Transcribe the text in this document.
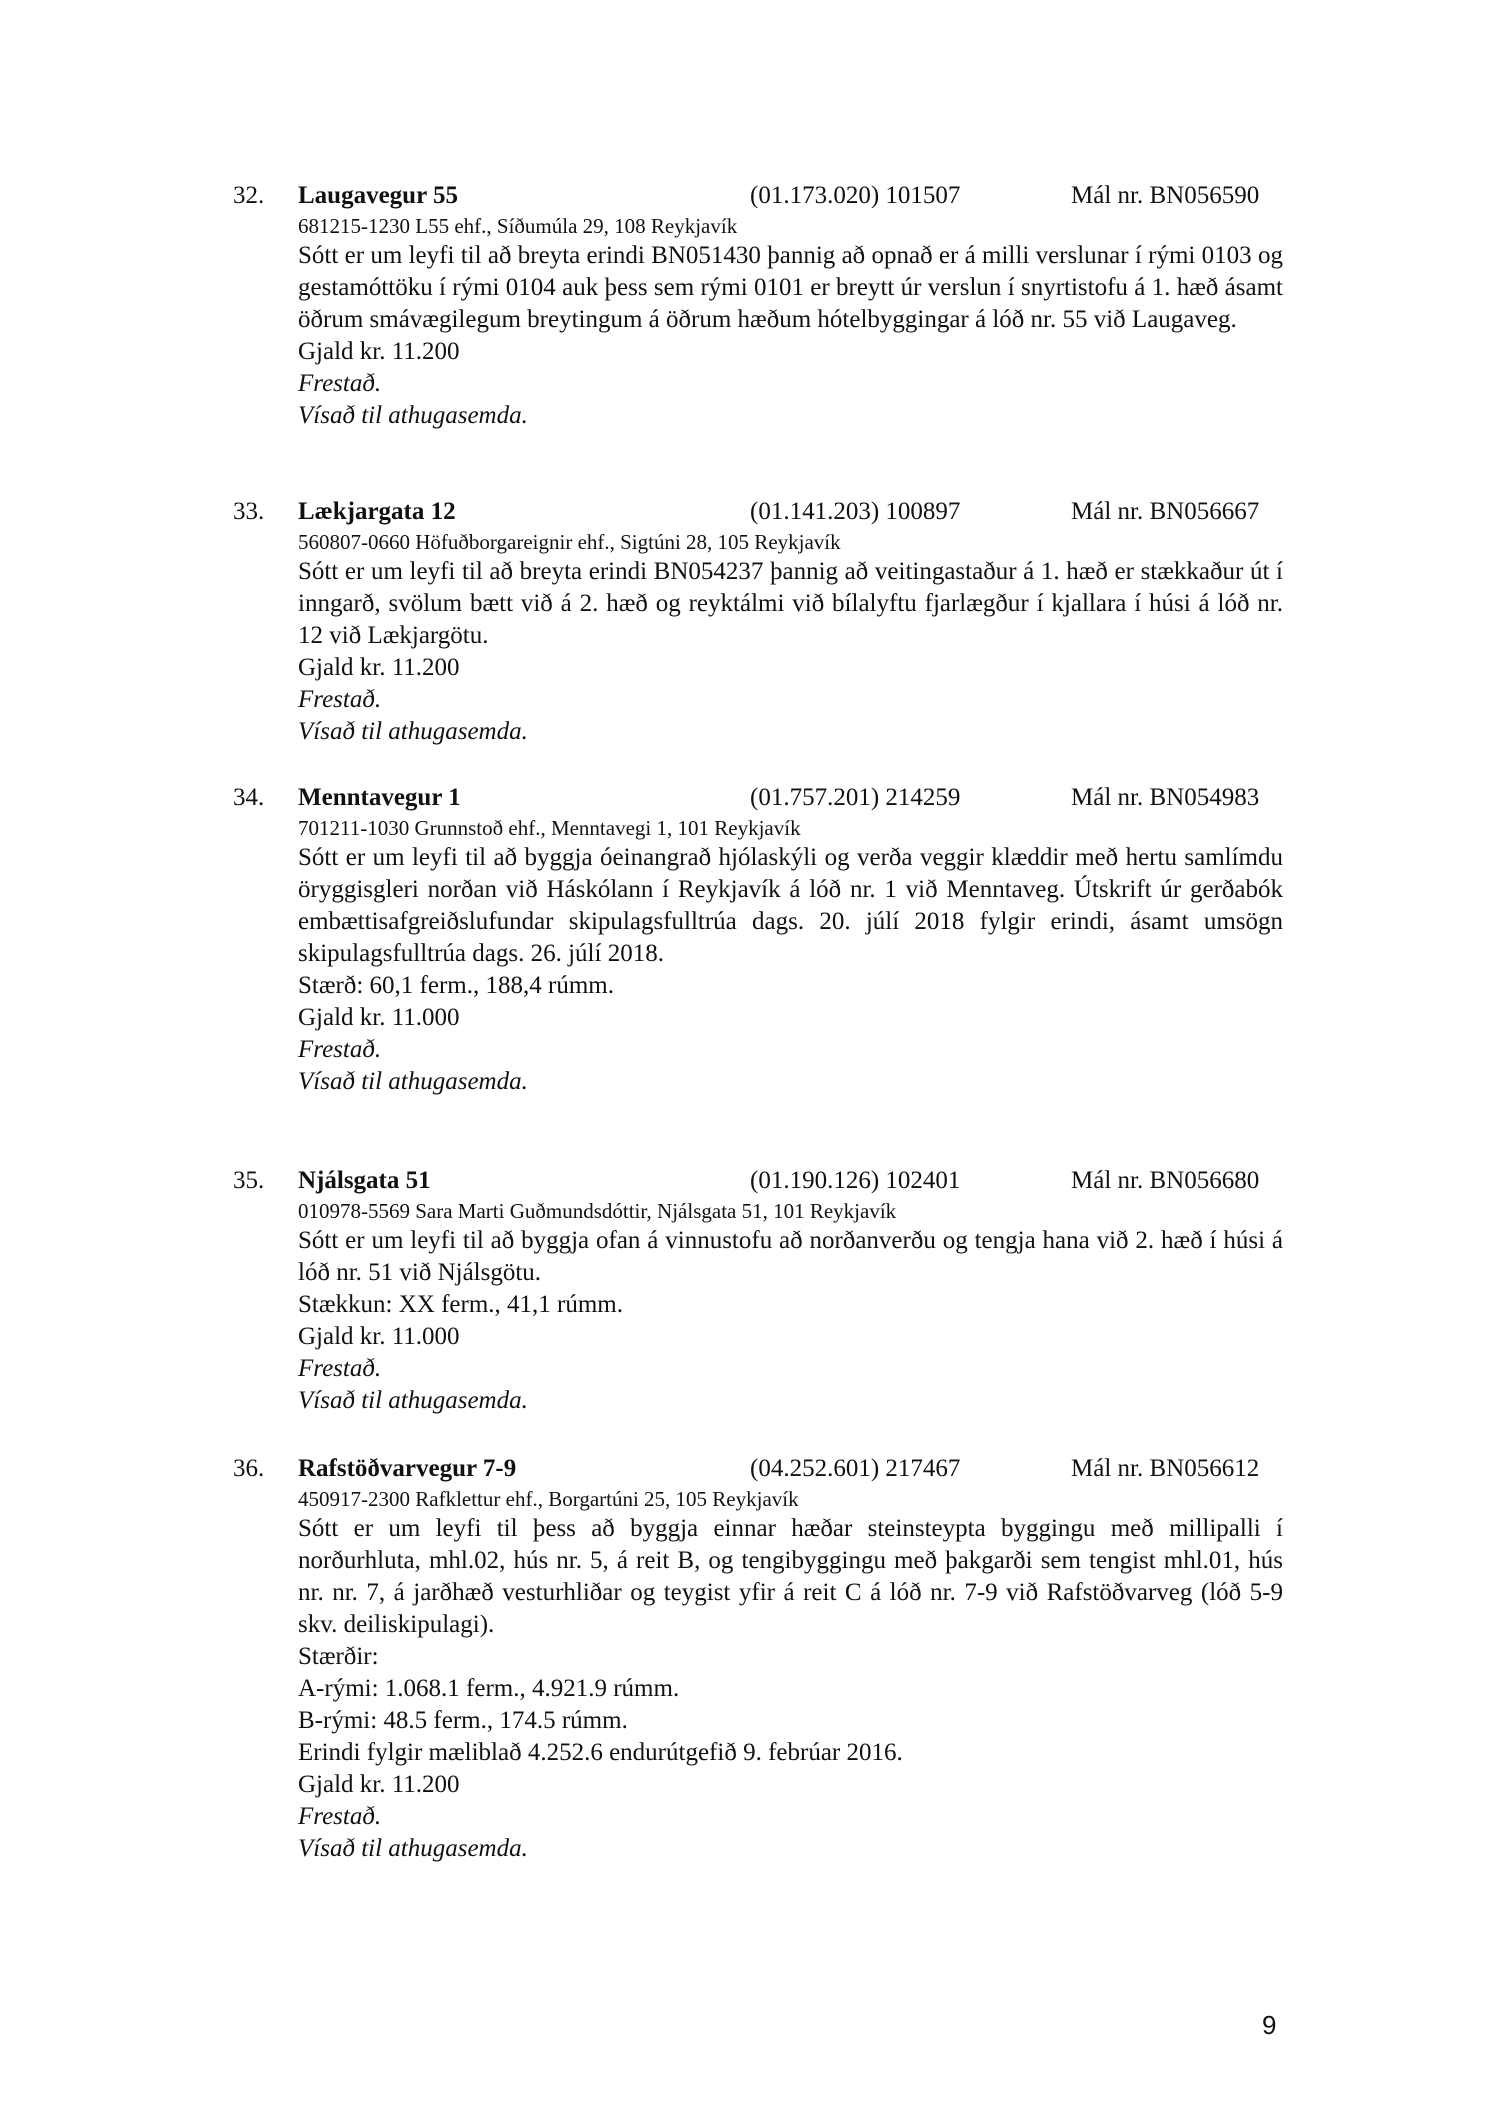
32. Laugavegur 55	(01.173.020) 101507	Mál nr. BN056590
681215-1230 L55 ehf., Síðumúla 29, 108 Reykjavík
Sótt er um leyfi til að breyta erindi BN051430 þannig að opnað er á milli verslunar í rými 0103 og gestamóttöku í rými 0104 auk þess sem rými 0101 er breytt úr verslun í snyrtistofu á 1. hæð ásamt öðrum smávægilegum breytingum á öðrum hæðum hótelbyggingar á lóð nr. 55 við Laugaveg.
Gjald kr. 11.200
Frestað.
Vísað til athugasemda.
33. Lækjargata 12	(01.141.203) 100897	Mál nr. BN056667
560807-0660 Höfuðborgareignir ehf., Sigtúni 28, 105 Reykjavík
Sótt er um leyfi til að breyta erindi BN054237 þannig að veitingastaður á 1. hæð er stækkaður út í inngarð, svölum bætt við á 2. hæð og reyktálmi við bílalyftu fjarlægður í kjallara í húsi á lóð nr. 12 við Lækjargötu.
Gjald kr. 11.200
Frestað.
Vísað til athugasemda.
34. Menntavegur 1	(01.757.201) 214259	Mál nr. BN054983
701211-1030 Grunnstoð ehf., Menntavegi 1, 101 Reykjavík
Sótt er um leyfi til að byggja óeinangrað hjólaskýli og verða veggir klæddir með hertu samlímdu öryggisgleri norðan við Háskólann í Reykjavík á lóð nr. 1 við Menntaveg. Útskrift úr gerðabók embættisafgreiðslufundar skipulagsfulltrúa dags. 20. júlí 2018 fylgir erindi, ásamt umsögn skipulagsfulltrúa dags. 26. júlí 2018.
Stærð: 60,1 ferm., 188,4 rúmm.
Gjald kr. 11.000
Frestað.
Vísað til athugasemda.
35. Njálsgata 51	(01.190.126) 102401	Mál nr. BN056680
010978-5569 Sara Marti Guðmundsdóttir, Njálsgata 51, 101 Reykjavík
Sótt er um leyfi til að byggja ofan á vinnustofu að norðanverðu og tengja hana við 2. hæð í húsi á lóð nr. 51 við Njálsgötu.
Stækkun: XX ferm., 41,1 rúmm.
Gjald kr. 11.000
Frestað.
Vísað til athugasemda.
36. Rafstöðvarvegur 7-9	(04.252.601) 217467	Mál nr. BN056612
450917-2300 Rafklettur ehf., Borgartúni 25, 105 Reykjavík
Sótt er um leyfi til þess að byggja einnar hæðar steinsteypta byggingu með millipalli í norðurhluta, mhl.02, hús nr. 5, á reit B, og tengibyggingu með þakgarði sem tengist mhl.01, hús nr. nr. 7, á jarðhæð vesturhliðar og teygist yfir á reit C á lóð nr. 7-9 við Rafstöðvarveg (lóð 5-9 skv. deiliskipulagi).
Stærðir:
A-rými: 1.068.1 ferm., 4.921.9 rúmm.
B-rými: 48.5 ferm., 174.5 rúmm.
Erindi fylgir mæliblað 4.252.6 endurútgefið 9. febrúar 2016.
Gjald kr. 11.200
Frestað.
Vísað til athugasemda.
9
